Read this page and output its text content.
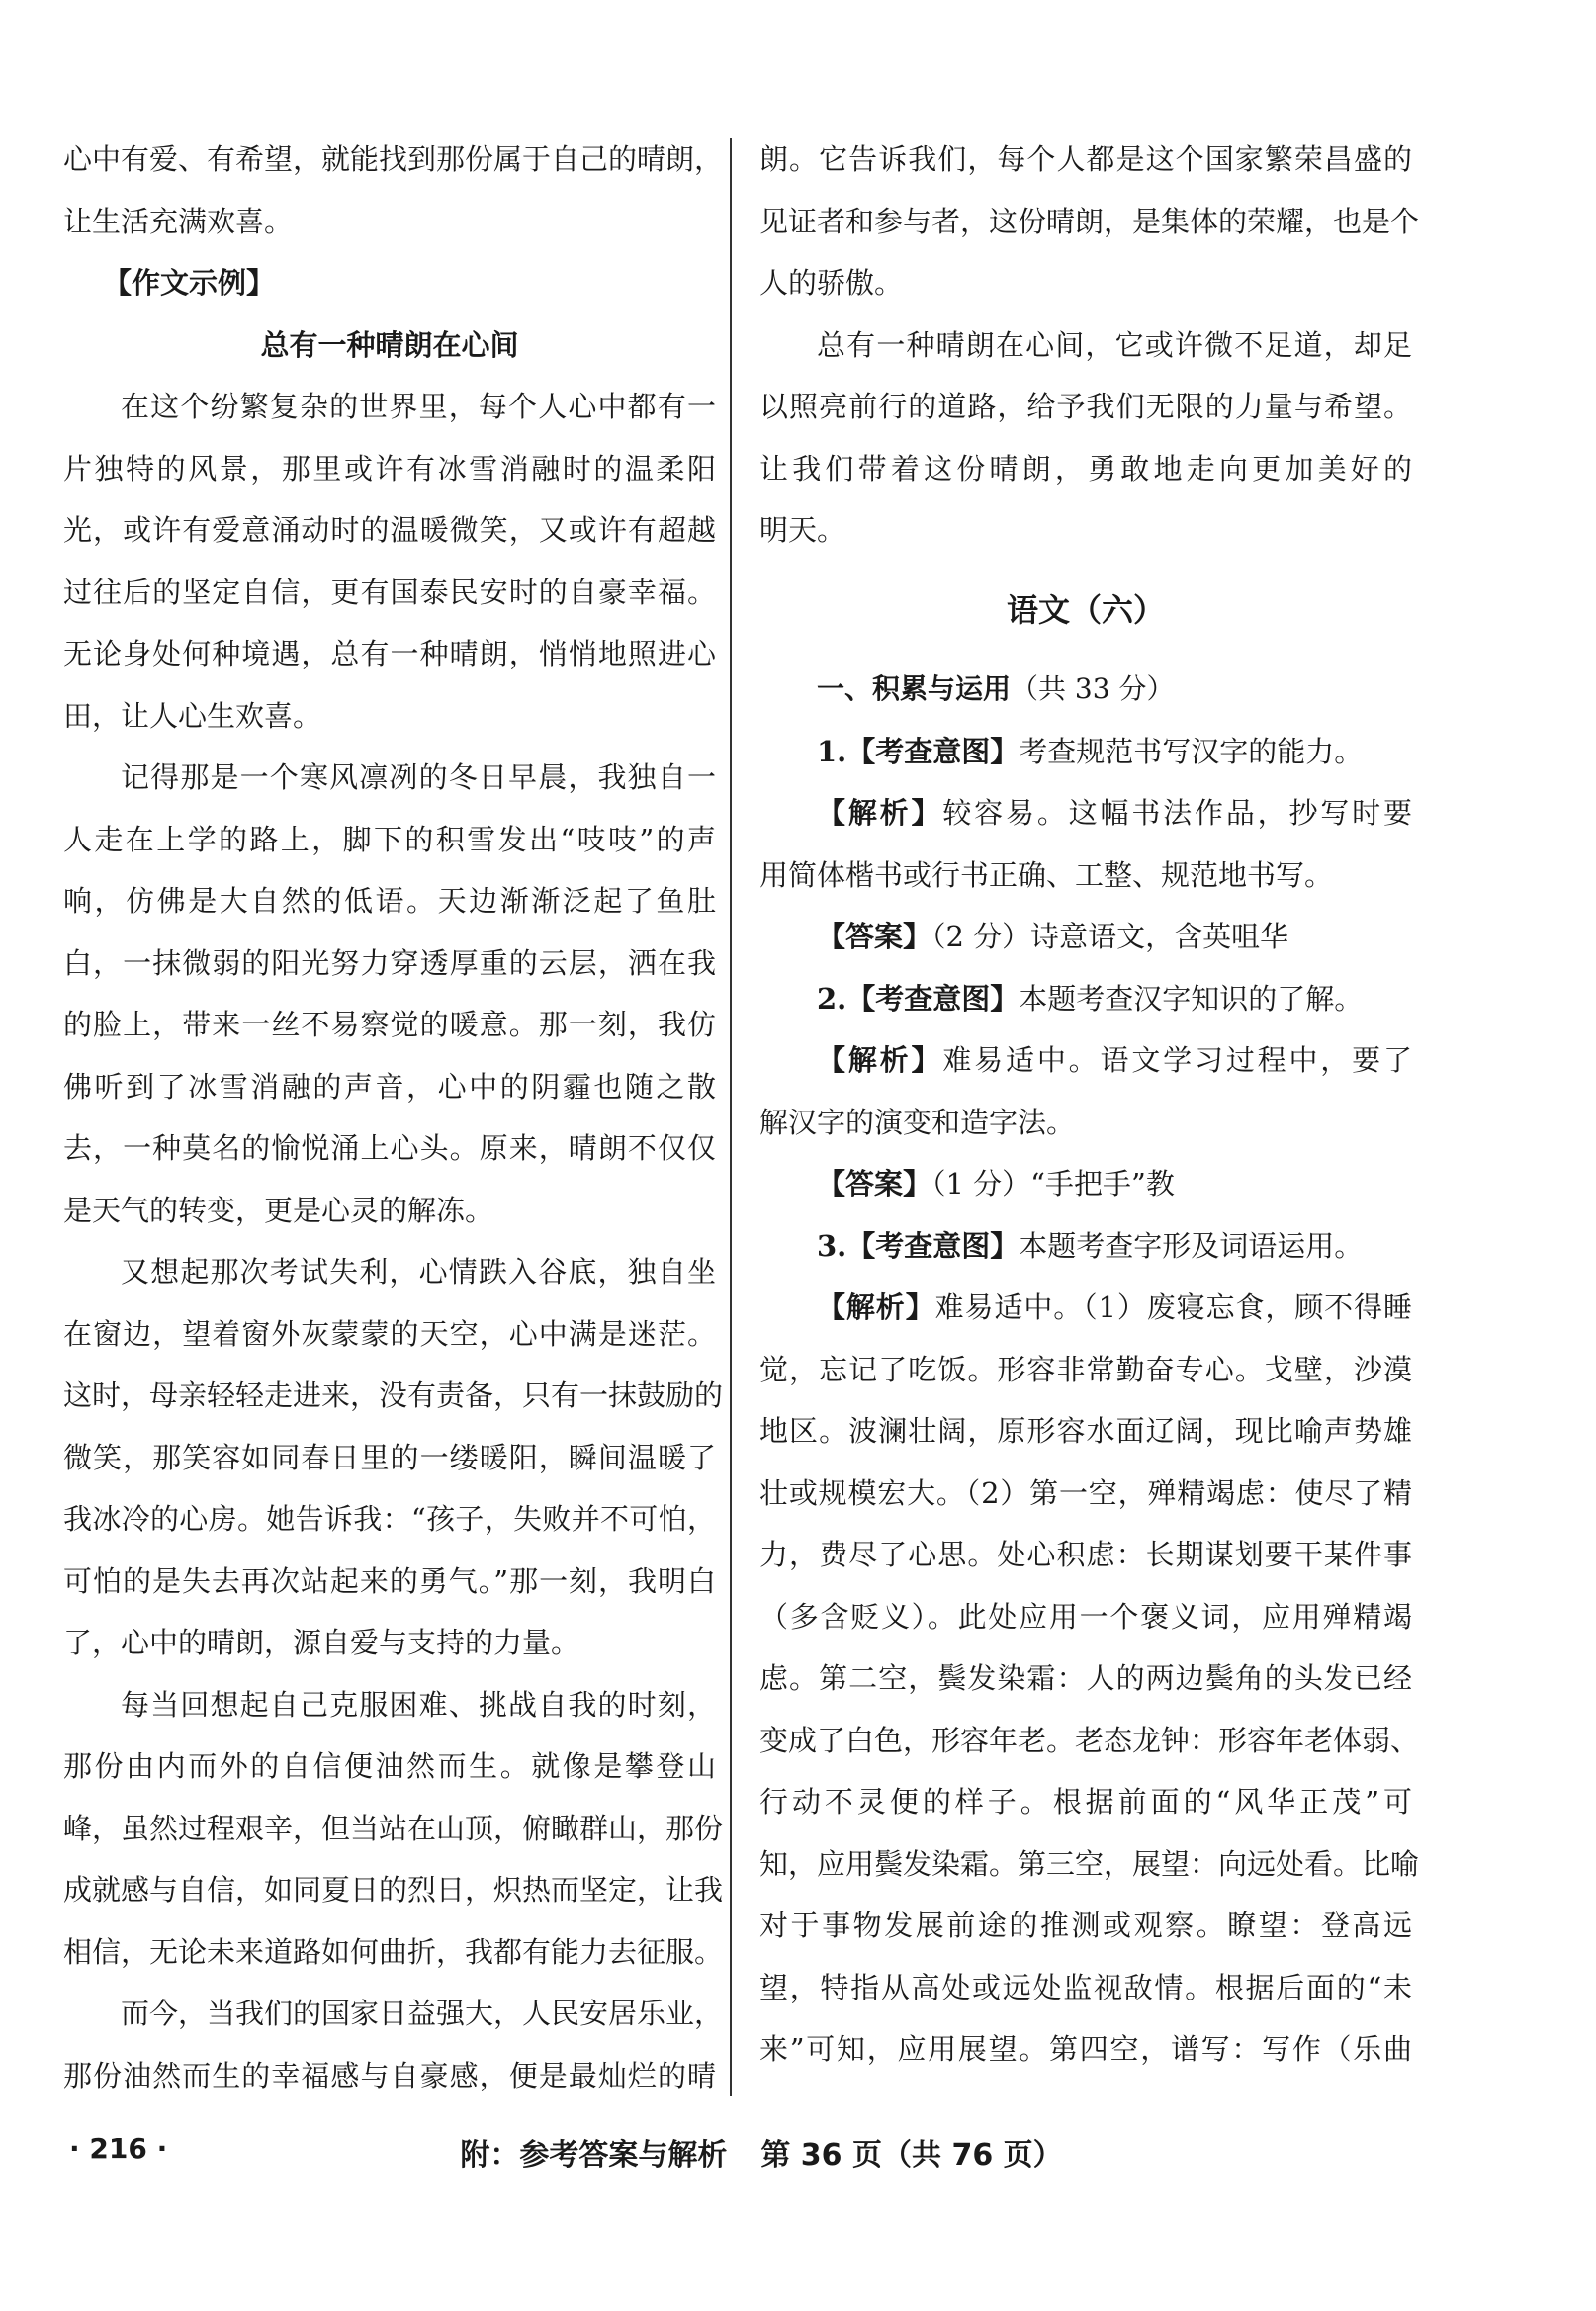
心中有爱、有希望，就能找到那份属于自己的晴朗，
让生活充满欢喜。
【作文示例】
总有一种晴朗在心间
在这个纷繁复杂的世界里，每个人心中都有一
片独特的风景，那里或许有冰雪消融时的温柔阳
光，或许有爱意涌动时的温暖微笑，又或许有超越
过往后的坚定自信，更有国泰民安时的自豪幸福。
无论身处何种境遇，总有一种晴朗，悄悄地照进心
田，让人心生欢喜。
记得那是一个寒风凛冽的冬日早晨，我独自一
人走在上学的路上，脚下的积雪发出“吱吱”的声
响，仿佛是大自然的低语。天边渐渐泛起了鱼肚
白，一抹微弱的阳光努力穿透厚重的云层，洒在我
的脸上，带来一丝不易察觉的暖意。那一刻，我仿
佛听到了冰雪消融的声音，心中的阴霾也随之散
去，一种莫名的愉悦涌上心头。原来，晴朗不仅仅
是天气的转变，更是心灵的解冻。
又想起那次考试失利，心情跌入谷底，独自坐
在窗边，望着窗外灰蒙蒙的天空，心中满是迷茫。
这时，母亲轻轻走进来，没有责备，只有一抹鼓励的
微笑，那笑容如同春日里的一缕暖阳，瞬间温暖了
我冰冷的心房。她告诉我：“孩子，失败并不可怕，
可怕的是失去再次站起来的勇气。”那一刻，我明白
了，心中的晴朗，源自爱与支持的力量。
每当回想起自己克服困难、挑战自我的时刻，
那份由内而外的自信便油然而生。就像是攀登山
峰，虽然过程艰辛，但当站在山顶，俯瞰群山，那份
成就感与自信，如同夏日的烈日，炽热而坚定，让我
相信，无论未来道路如何曲折，我都有能力去征服。
而今，当我们的国家日益强大，人民安居乐业，
那份油然而生的幸福感与自豪感，便是最灿烂的晴
朗。它告诉我们，每个人都是这个国家繁荣昌盛的
见证者和参与者，这份晴朗，是集体的荣耀，也是个
人的骄傲。
总有一种晴朗在心间，它或许微不足道，却足
以照亮前行的道路，给予我们无限的力量与希望。
让我们带着这份晴朗，勇敢地走向更加美好的
明天。
语文（六）
一、积累与运用（共 33 分）
1.【考查意图】考查规范书写汉字的能力。
【解析】较容易。这幅书法作品，抄写时要
用简体楷书或行书正确、工整、规范地书写。
【答案】（2 分）诗意语文，含英咀华
2.【考查意图】本题考查汉字知识的了解。
【解析】难易适中。语文学习过程中，要了
解汉字的演变和造字法。
【答案】（1 分）“手把手”教
3.【考查意图】本题考查字形及词语运用。
【解析】难易适中。（1）废寝忘食，顾不得睡
觉，忘记了吃饭。形容非常勤奋专心。戈壁，沙漠
地区。波澜壮阔，原形容水面辽阔，现比喻声势雄
壮或规模宏大。（2）第一空，殚精竭虑：使尽了精
力，费尽了心思。处心积虑：长期谋划要干某件事
（多含贬义）。此处应用一个褒义词，应用殚精竭
虑。第二空，鬓发染霜：人的两边鬓角的头发已经
变成了白色，形容年老。老态龙钟：形容年老体弱、
行动不灵便的样子。根据前面的“风华正茂”可
知，应用鬓发染霜。第三空，展望：向远处看。比喻
对于事物发展前途的推测或观察。瞭望：登高远
望，特指从高处或远处监视敌情。根据后面的“未
来”可知，应用展望。第四空，谱写：写作（乐曲
· 216 ·	附：参考答案与解析 第 36 页（共 76 页）
